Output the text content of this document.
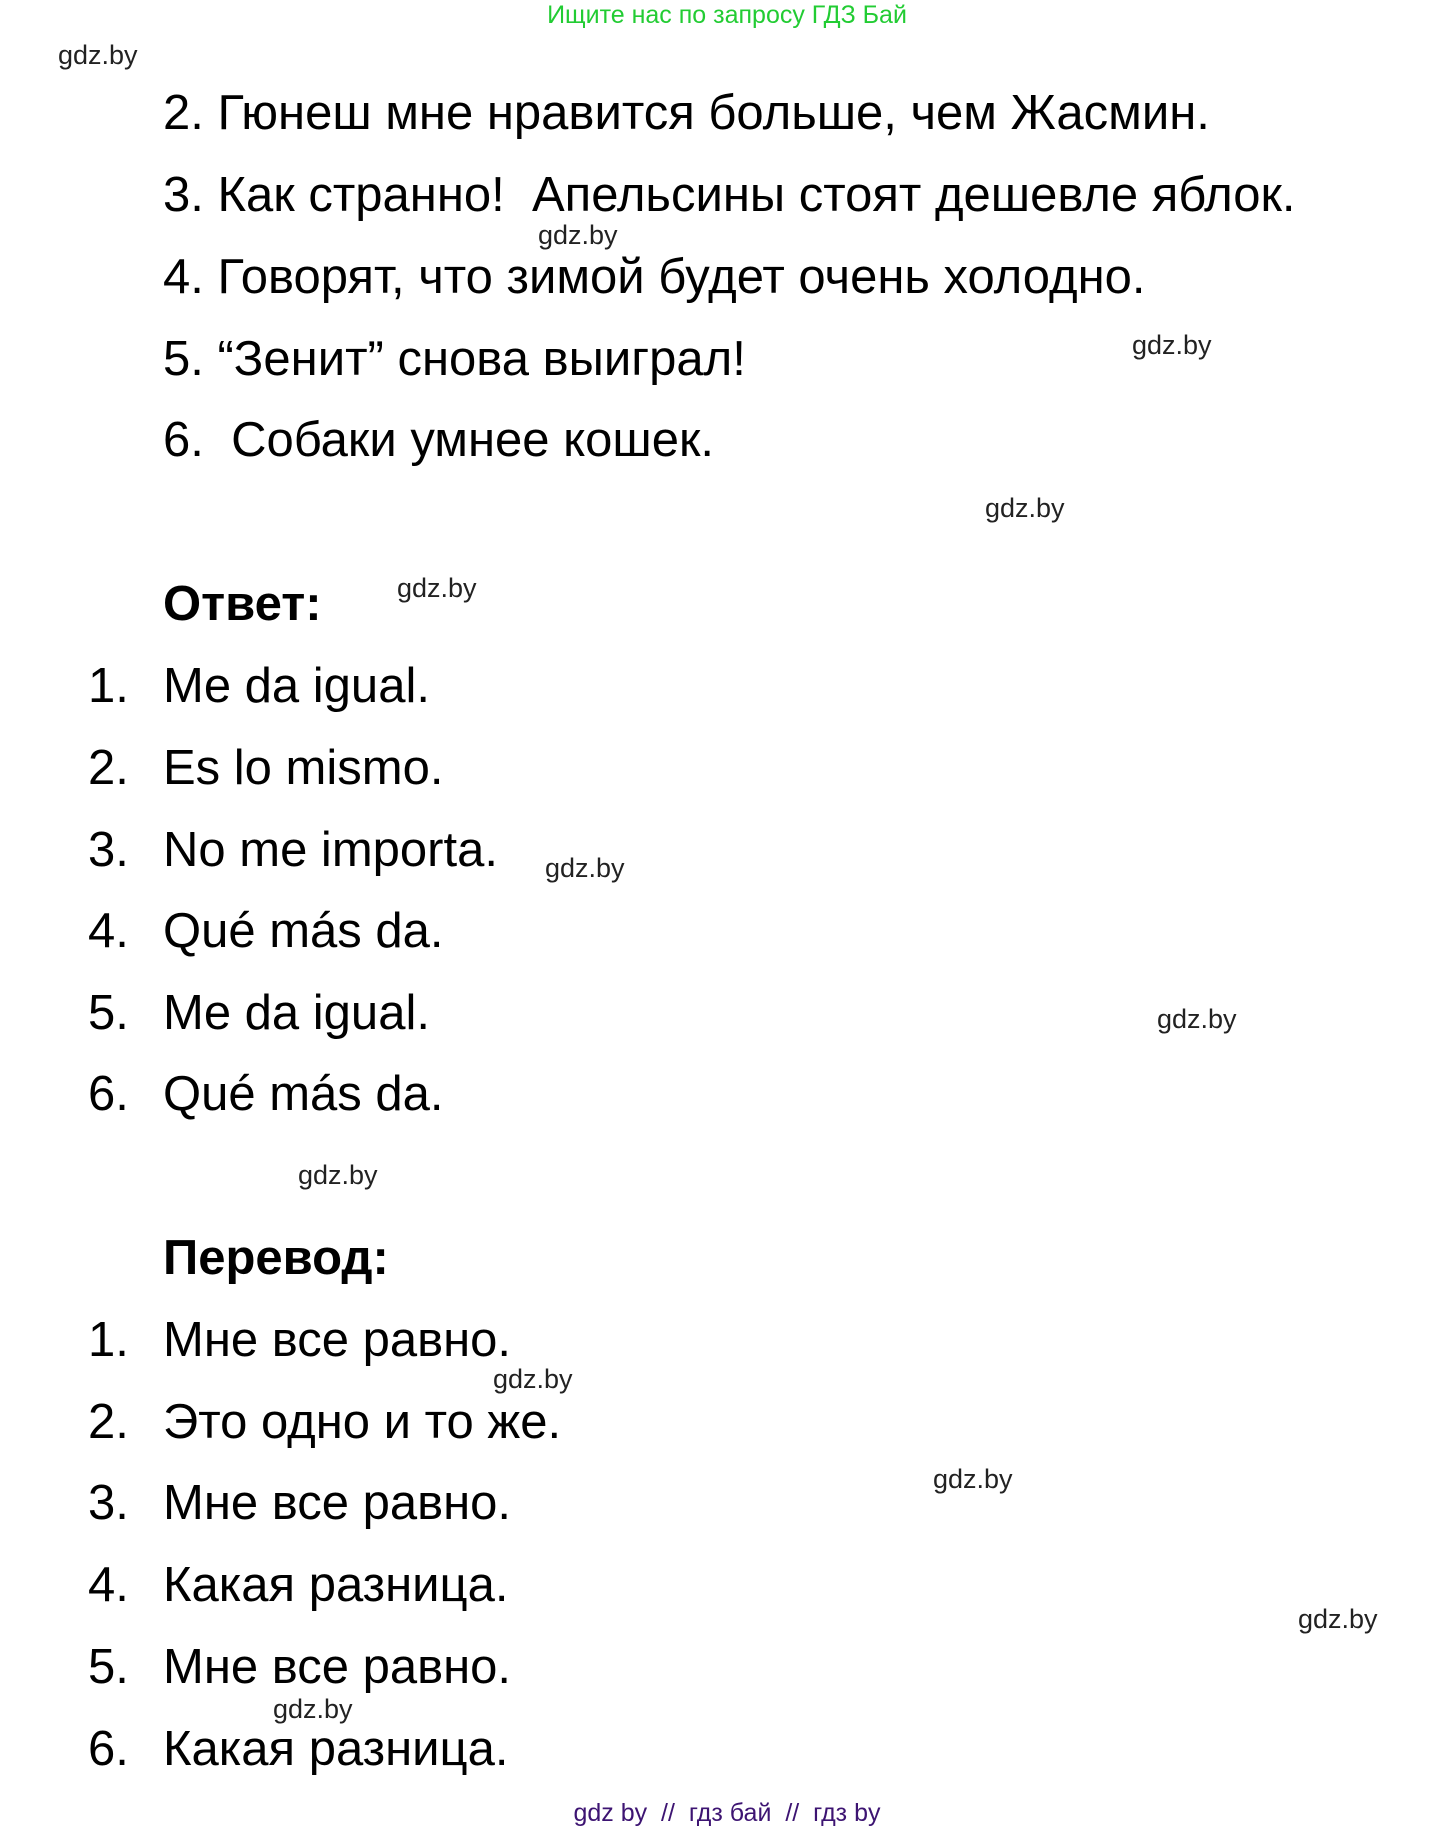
Ищите нас по запросу ГДЗ Бай
gdz.by
gdz.by
gdz.by
gdz.by
gdz.by
gdz.by
gdz.by
gdz.by
gdz.by
gdz.by
gdz.by
gdz.by
2. Гюнеш мне нравится больше, чем Жасмин.
3. Как странно!  Апельсины стоят дешевле яблок.
4. Говорят, что зимой будет очень холодно.
5. “Зенит” снова выиграл!
6.  Собаки умнее кошек.
Ответ:
1. Me da igual.
2. Es lo mismo.
3. No me importa.
4. Qué más da.
5. Me da igual.
6. Qué más da.
Перевод:
1. Мне все равно.
2. Это одно и то же.
3. Мне все равно.
4. Какая разница.
5. Мне все равно.
6. Какая разница.
gdz by  //  гдз бай  //  гдз by
